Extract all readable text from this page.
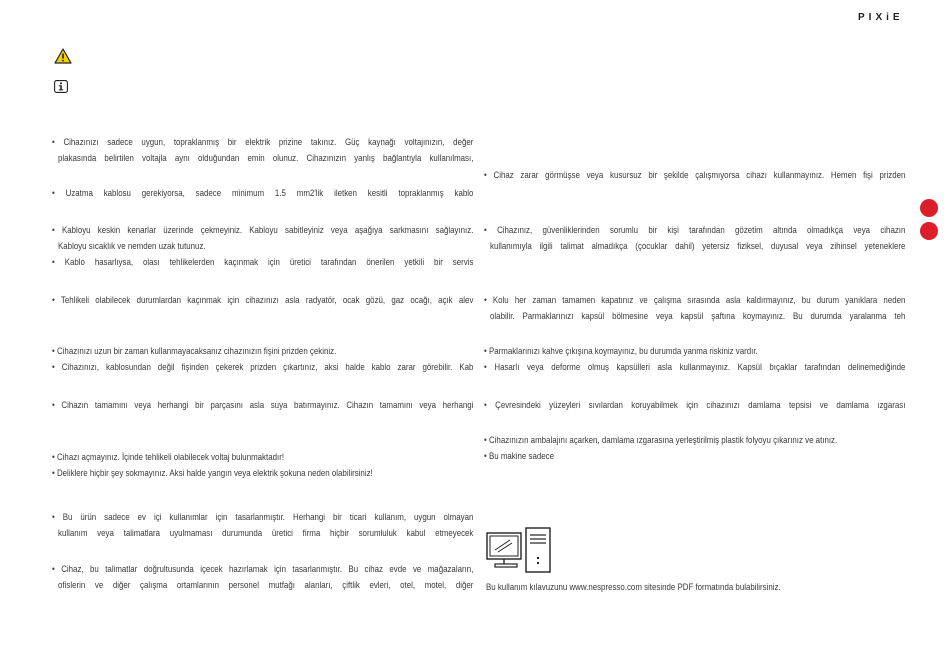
PIXiE
• Cihazınızı sadece uygun, topraklanmış bir elektrik prizine takınız. Güç kaynağı voltajınızın, değer
plakasında belirtilen voltajla aynı olduğundan emin olunuz. Cihazınızın yanlış bağlantıyla kullanılması,
• Uzatma kablosu gerekiyorsa, sadece minimum 1.5 mm2'lik iletken kesitli topraklanmış kablo
• Kabloyu keskin kenarlar üzerinde çekmeyiniz. Kabloyu sabitleyiniz veya aşağıya sarkmasını sağlayınız.
Kabloyu sıcaklık ve nemden uzak tutunuz.
• Kablo hasarlıysa, olası tehlikelerden kaçınmak için üretici tarafından önerilen yetkili bir servis
• Tehlikeli olabilecek durumlardan kaçınmak için cihazınızı asla radyatör, ocak gözü, gaz ocağı, açık alev
• Cihazınızı uzun bir zaman kullanmayacaksanız cihazınızın fişini prizden çekiniz.
• Cihazınızı, kablosundan değil fişinden çekerek prizden çıkartınız, aksi halde kablo zarar görebilir. Kab
• Cihazın tamamını veya herhangi bir parçasını asla suya batırmayınız. Cihazın tamamını veya herhangi
• Cihazı açmayınız. İçinde tehlikeli olabilecek voltaj bulunmaktadır!
• Deliklere hiçbir şey sokmayınız. Aksi halde yangın veya elektrik şokuna neden olabilirsiniz!
• Bu ürün sadece ev içi kullanımlar için tasarlanmıştır. Herhangi bir ticari kullanım, uygun olmayan
kullanım veya talimatlara uyulmaması durumunda üretici firma hiçbir sorumluluk kabul etmeyecek
• Cihaz, bu talimatlar doğrultusunda içecek hazırlamak için tasarlanmıştır. Bu cihaz evde ve mağazaların,
ofislerin ve diğer çalışma ortamlarının personel mutfağı alanları, çiftlik evleri, otel, motel, diğer
• Cihaz zarar görmüşse veya kusursuz bir şekilde çalışmıyorsa cihazı kullanmayınız. Hemen fişi prizden
• Cihazınız, güvenliklerinden sorumlu bir kişi tarafından gözetim altında olmadıkça veya cihazın
kullanımıyla ilgili talimat almadıkça (çocuklar dahil) yetersiz fiziksel, duyusal veya zihinsel yeteneklere
• Kolu her zaman tamamen kapatınız ve çalışma sırasında asla kaldırmayınız, bu durum yanıklara neden
olabilir. Parmaklarınızı kapsül bölmesine veya kapsül şaftına koymayınız. Bu durumda yaralanma teh
• Parmaklarınızı kahve çıkışına koymayınız, bu durumda yanma riskiniz vardır.
• Hasarlı veya deforme olmuş kapsülleri asla kullanmayınız. Kapsül bıçaklar tarafından delinemediğinde
• Çevresindeki yüzeyleri sıvılardan koruyabilmek için cihazınızı damlama tepsisi ve damlama ızgarası
• Cihazınızın ambalajını açarken, damlama ızgarasına yerleştirilmiş plastik folyoyu çıkarınız ve atınız.
• Bu makine sadece
Bu kullanım kılavuzunu www.nespresso.com sitesinde PDF formatında bulabilirsiniz.
